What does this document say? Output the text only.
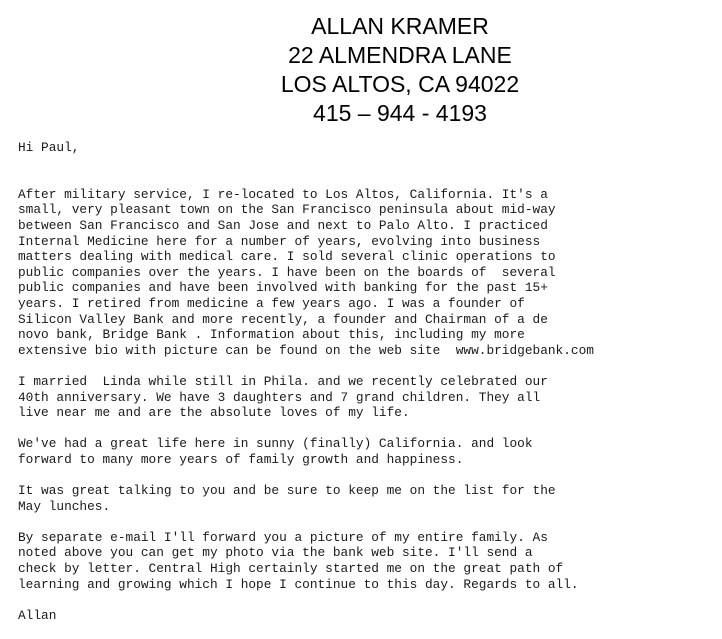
ALLAN KRAMER
22 ALMENDRA LANE
LOS ALTOS, CA 94022
415 – 944 - 4193

Hi Paul,

After military service, I re-located to Los Altos, California. It's a

small, very pleasant town on the San Francisco peninsula about mid-way

between San Francisco and San Jose and next to Palo Alto. I practiced

Internal Medicine here for a number of years, evolving into business

matters dealing with medical care. I sold several clinic operations to

public companies over the years. I have been on the boards of  several

public companies and have been involved with banking for the past 15+

years. I retired from medicine a few years ago. I was a founder of

Silicon Valley Bank and more recently, a founder and Chairman of a de

novo bank, Bridge Bank . Information about this, including my more

extensive bio with picture can be found on the web site  www.bridgebank.com

I married  Linda while still in Phila. and we recently celebrated our

40th anniversary. We have 3 daughters and 7 grand children. They all

live near me and are the absolute loves of my life.

We've had a great life here in sunny (finally) California. and look

forward to many more years of family growth and happiness.

It was great talking to you and be sure to keep me on the list for the

May lunches.

By separate e-mail I'll forward you a picture of my entire family. As

noted above you can get my photo via the bank web site. I'll send a

check by letter. Central High certainly started me on the great path of

learning and growing which I hope I continue to this day. Regards to all.

Allan
